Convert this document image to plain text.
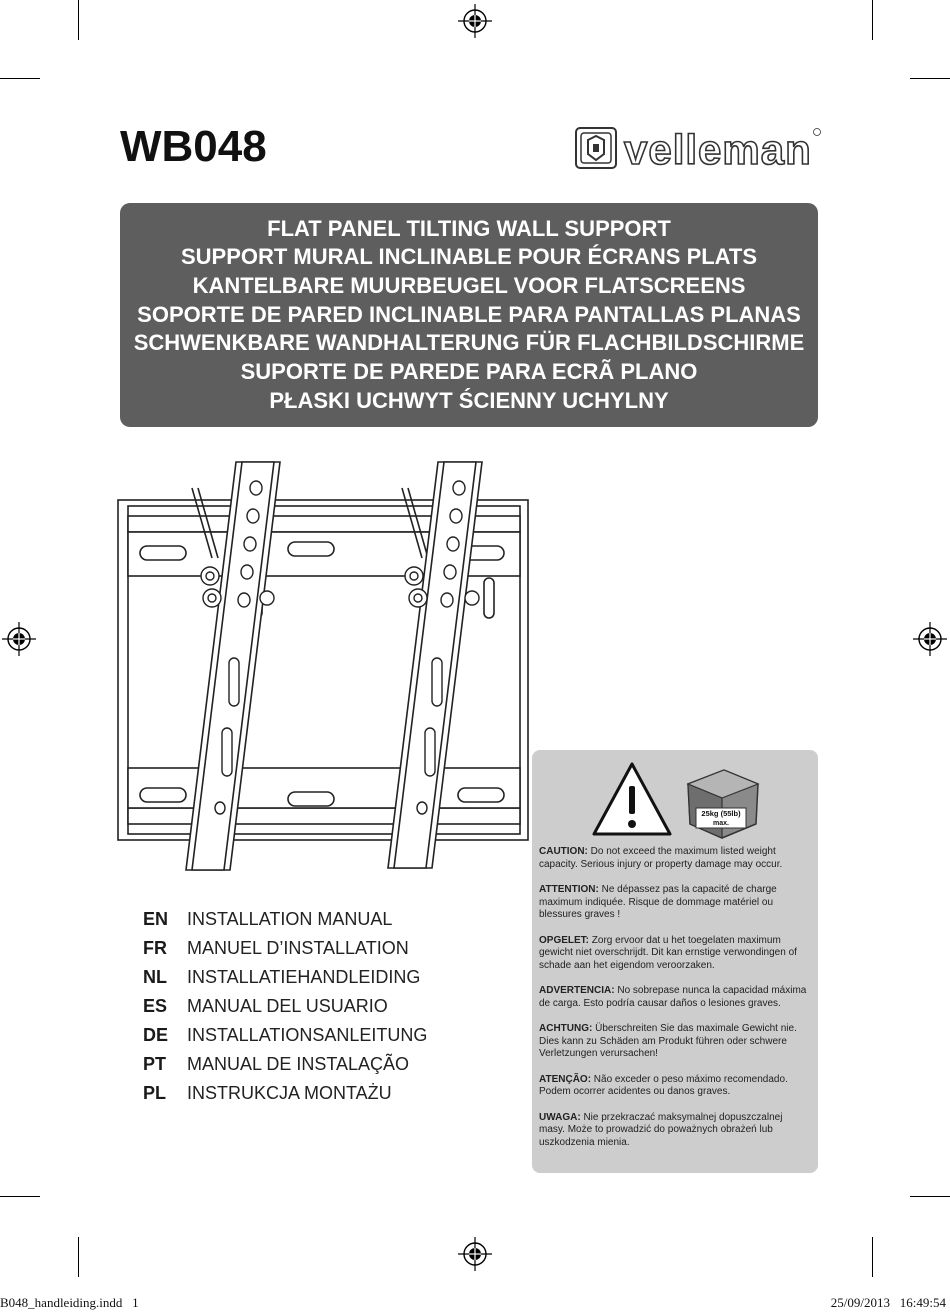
WB048	velleman
FLAT PANEL TILTING WALL SUPPORT
SUPPORT MURAL INCLINABLE POUR ÉCRANS PLATS
KANTELBARE MUURBEUGEL VOOR FLATSCREENS
SOPORTE DE PARED INCLINABLE PARA PANTALLAS PLANAS
SCHWENKBARE WANDHALTERUNG FÜR FLACHBILDSCHIRME
SUPORTE DE PAREDE PARA ECRÃ PLANO
PŁASKI UCHWYT ŚCIENNY UCHYLNY
EN	INSTALLATION MANUAL
FR	MANUEL D’INSTALLATION
NL	INSTALLATIEHANDLEIDING
ES	MANUAL DEL USUARIO
DE	INSTALLATIONSANLEITUNG
PT	MANUAL DE INSTALAÇÃO
PL	INSTRUKCJA MONTAŻU
25kg (55lb)
max.
CAUTION: Do not exceed the maximum listed weight capacity. Serious injury or property damage may occur.
ATTENTION: Ne dépassez pas la capacité de charge maximum indiquée. Risque de dommage matériel ou blessures graves !
OPGELET: Zorg ervoor dat u het toegelaten maximum gewicht niet overschrijdt. Dit kan ernstige verwondingen of schade aan het eigendom veroorzaken.
ADVERTENCIA: No sobrepase nunca la capacidad máxima de carga. Esto podría causar daños o lesiones graves.
ACHTUNG: Überschreiten Sie das maximale Gewicht nie. Dies kann zu Schäden am Produkt führen oder schwere Verletzungen verursachen!
ATENÇÃO: Não exceder o peso máximo recomendado. Podem ocorrer acidentes ou danos graves.
UWAGA: Nie przekraczać maksymalnej dopuszczalnej masy. Może to prowadzić do poważnych obrażeń lub uszkodzenia mienia.
B048_handleiding.indd   1	25/09/2013   16:49:54
